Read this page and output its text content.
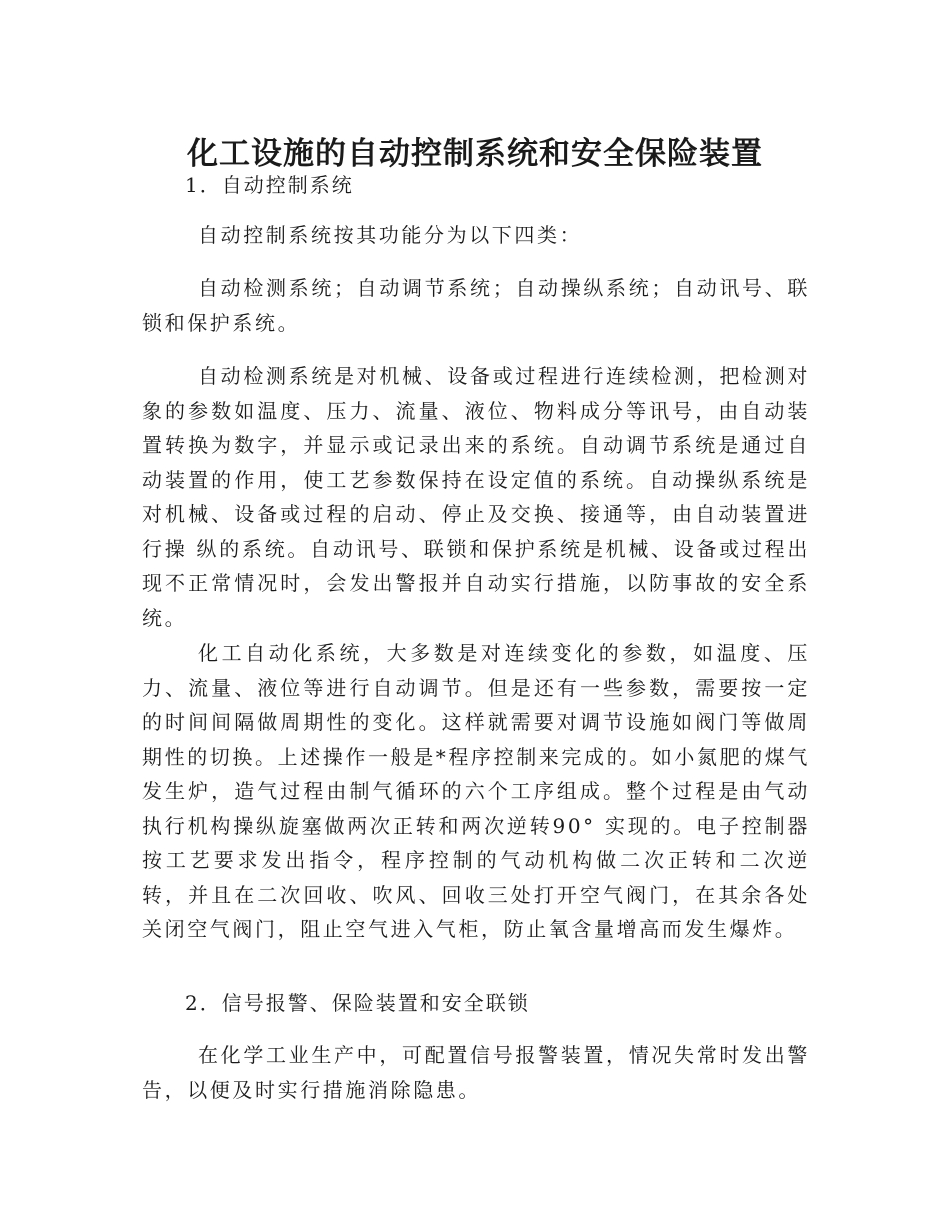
化工设施的自动控制系统和安全保险装置

1．自动控制系统

自动控制系统按其功能分为以下四类：

自动检测系统；自动调节系统；自动操纵系统；自动讯号、联锁和保护系统。

自动检测系统是对机械、设备或过程进行连续检测，把检测对象的参数如温度、压力、流量、液位、物料成分等讯号，由自动装置转换为数字，并显示或记录出来的系统。自动调节系统是通过自动装置的作用，使工艺参数保持在设定值的系统。自动操纵系统是对机械、设备或过程的启动、停止及交换、接通等，由自动装置进行操 纵的系统。自动讯号、联锁和保护系统是机械、设备或过程出现不正常情况时，会发出警报并自动实行措施，以防事故的安全系统。

化工自动化系统，大多数是对连续变化的参数，如温度、压力、流量、液位等进行自动调节。但是还有一些参数，需要按一定的时间间隔做周期性的变化。这样就需要对调节设施如阀门等做周期性的切换。上述操作一般是*程序控制来完成的。如小氮肥的煤气发生炉，造气过程由制气循环的六个工序组成。整个过程是由气动执行机构操纵旋塞做两次正转和两次逆转90° 实现的。电子控制器按工艺要求发出指令，程序控制的气动机构做二次正转和二次逆转，并且在二次回收、吹风、回收三处打开空气阀门，在其余各处关闭空气阀门，阻止空气进入气柜，防止氧含量增高而发生爆炸。

2．信号报警、保险装置和安全联锁

在化学工业生产中，可配置信号报警装置，情况失常时发出警告，以便及时实行措施消除隐患。
